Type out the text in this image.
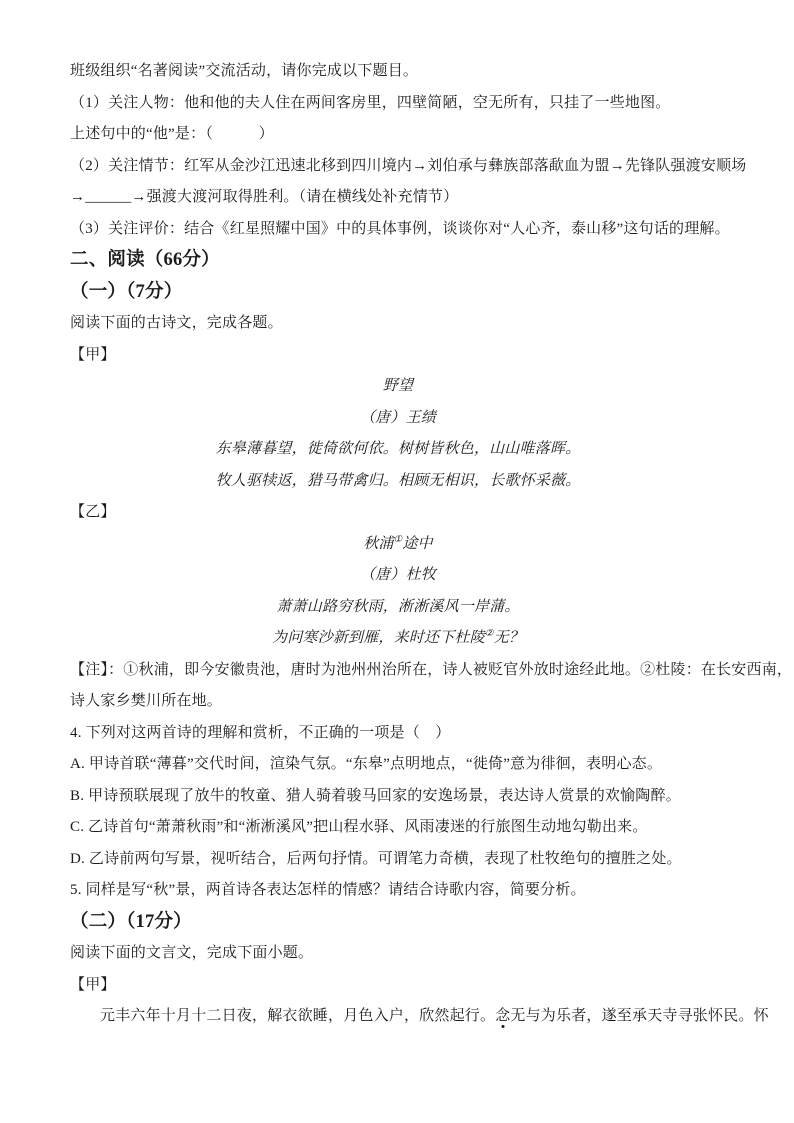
班级组织“名著阅读”交流活动，请你完成以下题目。

（1）关注人物：他和他的夫人住在两间客房里，四壁简陋，空无所有，只挂了一些地图。

上述句中的“他”是：（　　　）

（2）关注情节：红军从金沙江迅速北移到四川境内→刘伯承与彝族部落歃血为盟→先锋队强渡安顺场

→______→强渡大渡河取得胜利。（请在横线处补充情节）

（3）关注评价：结合《红星照耀中国》中的具体事例，谈谈你对“人心齐，泰山移”这句话的理解。

二、阅读（66分）

（一）（7分）

阅读下面的古诗文，完成各题。

【甲】

野望

（唐）王绩

东皋薄暮望，徙倚欲何依。树树皆秋色，山山唯落晖。

牧人驱犊返，猎马带禽归。相顾无相识，长歌怀采薇。

【乙】

秋浦①途中

（唐）杜牧

萧萧山路穷秋雨，淅淅溪风一岸蒲。

为问寒沙新到雁，来时还下杜陵②无？

【注】：①秋浦，即今安徽贵池，唐时为池州州治所在，诗人被贬官外放时途经此地。②杜陵：在长安西南，

诗人家乡樊川所在地。

4. 下列对这两首诗的理解和赏析，不正确的一项是（　）

A. 甲诗首联“薄暮”交代时间，渲染气氛。“东皋”点明地点，“徙倚”意为徘徊，表明心态。

B. 甲诗预联展现了放牛的牧童、猎人骑着骏马回家的安逸场景，表达诗人赏景的欢愉陶醉。

C. 乙诗首句“萧萧秋雨”和“淅淅溪风”把山程水驿、风雨凄迷的行旅图生动地勾勒出来。

D. 乙诗前两句写景，视听结合，后两句抒情。可谓笔力奇横，表现了杜牧绝句的擅胜之处。

5. 同样是写“秋”景，两首诗各表达怎样的情感？请结合诗歌内容，简要分析。

（二）（17分）

阅读下面的文言文，完成下面小题。

【甲】

元丰六年十月十二日夜，解衣欲睡，月色入户，欣然起行。念无与为乐者，遂至承天寺寻张怀民。怀
